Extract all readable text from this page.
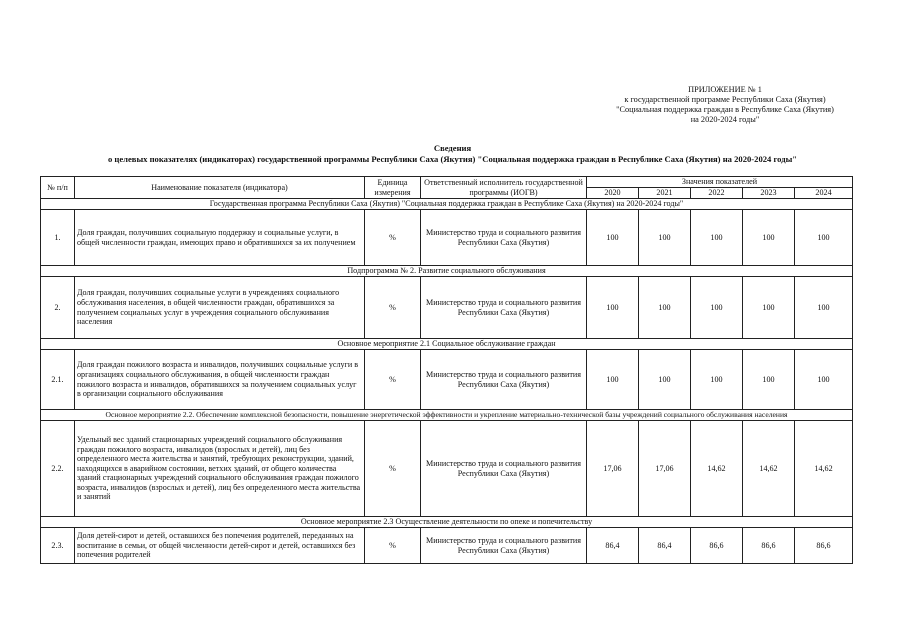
ПРИЛОЖЕНИЕ № 1
к государственной программе Республики Саха (Якутия)
"Социальная поддержка граждан в Республике Саха (Якутия)
на 2020-2024 годы"
Сведения
о целевых показателях (индикаторах) государственной программы Республики Саха (Якутия) "Социальная поддержка граждан в Республике Саха (Якутия) на 2020-2024 годы"
№ п/п	Наименование показателя (индикатора)	Единица измерения	Ответственный исполнитель государственной программы (ИОГВ)	Значения показателей				
				2020	2021	2022	2023	2024
Государственная программа Республики Саха (Якутия) "Социальная поддержка граждан в Республике Саха (Якутия) на 2020-2024 годы"								
1.	Доля граждан, получивших социальную поддержку и социальные услуги, в общей численности граждан, имеющих право и обратившихся за их получением	%	Министерство труда и социального развития Республики Саха (Якутия)	100	100	100	100	100
Подпрограмма № 2. Развитие социального обслуживания								
2.	Доля граждан, получивших социальные услуги в учреждениях социального обслуживания населения, в общей численности граждан, обратившихся за получением социальных услуг в учреждения социального обслуживания населения	%	Министерство труда и социального развития Республики Саха (Якутия)	100	100	100	100	100
Основное мероприятие 2.1 Социальное обслуживание граждан								
2.1.	Доля граждан пожилого возраста и инвалидов, получивших социальные услуги в организациях социального обслуживания, в общей численности граждан пожилого возраста и инвалидов, обратившихся за получением социальных услуг в организации социального обслуживания	%	Министерство труда и социального развития Республики Саха (Якутия)	100	100	100	100	100
Основное мероприятие 2.2. Обеспечение комплексной безопасности, повышение энергетической эффективности и укрепление материально-технической базы учреждений социального обслуживания населения								
2.2.	Удельный вес зданий стационарных учреждений социального обслуживания граждан пожилого возраста, инвалидов (взрослых и детей), лиц без определенного места жительства и занятий, требующих реконструкции, зданий, находящихся в аварийном состоянии, ветхих зданий, от общего количества зданий стационарных учреждений социального обслуживания граждан пожилого возраста, инвалидов (взрослых и детей), лиц без определенного места жительства и занятий	%	Министерство труда и социального развития Республики Саха (Якутия)	17,06	17,06	14,62	14,62	14,62
Основное мероприятие 2.3 Осуществление деятельности по опеке и попечительству								
2.3.	Доля детей-сирот и детей, оставшихся без попечения родителей, переданных на воспитание в семьи, от общей численности детей-сирот и детей, оставшихся без попечения родителей	%	Министерство труда и социального развития Республики Саха (Якутия)	86,4	86,4	86,6	86,6	86,6
